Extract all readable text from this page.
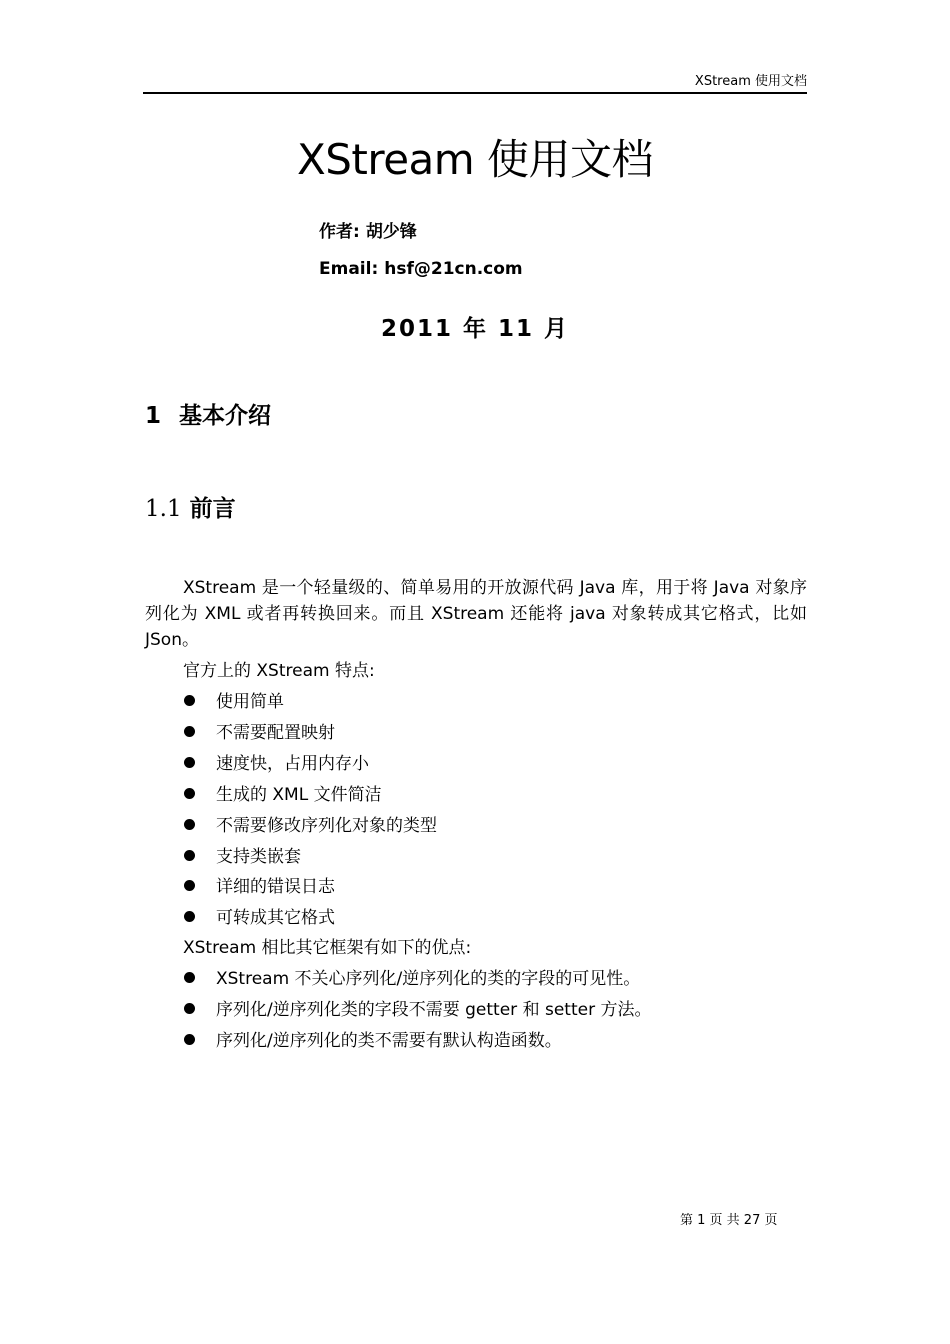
XStream 使用文档
XStream 使用文档
作者: 胡少锋
Email: hsf@21cn.com
2011 年 11 月
1 基本介绍
1.1 前言
XStream 是一个轻量级的、简单易用的开放源代码 Java 库，用于将 Java 对象序列化为 XML 或者再转换回来。而且 XStream 还能将 java 对象转成其它格式，比如 JSon。
官方上的 XStream 特点:
使用简单
不需要配置映射
速度快，占用内存小
生成的 XML 文件简洁
不需要修改序列化对象的类型
支持类嵌套
详细的错误日志
可转成其它格式
XStream 相比其它框架有如下的优点:
XStream 不关心序列化/逆序列化的类的字段的可见性。
序列化/逆序列化类的字段不需要 getter 和 setter 方法。
序列化/逆序列化的类不需要有默认构造函数。
第 1 页 共 27 页
